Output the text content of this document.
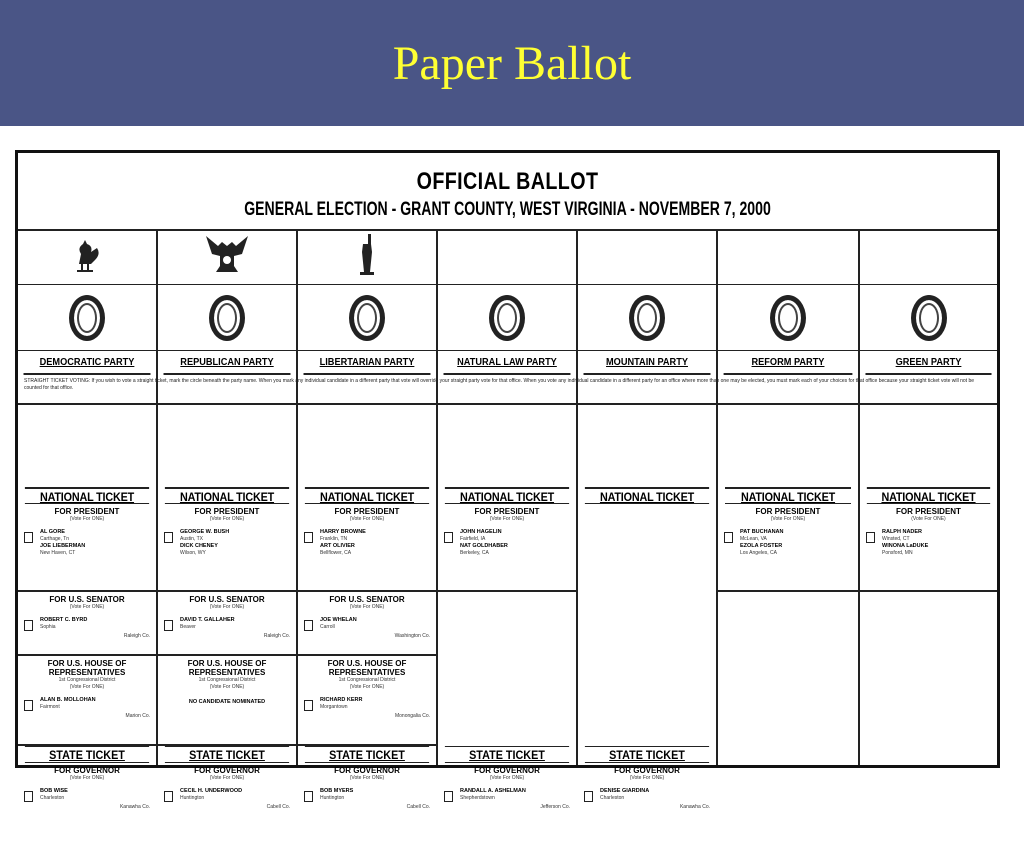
Paper Ballot
OFFICIAL BALLOT
GENERAL ELECTION - GRANT COUNTY, WEST VIRGINIA - NOVEMBER 7, 2000
STRAIGHT TICKET VOTING: If you wish to vote a straight ticket, mark the circle beneath the party name. When you mark any individual candidate in a different party that vote will override your straight party vote for that office. When you vote any individual candidate in a different party for an office where more than one may be elected, you must mark each of your choices for that office because your straight ticket vote will not be counted for that office.
DEMOCRATIC PARTY
NATIONAL TICKET
FOR PRESIDENT
(Vote For ONE)
AL GORE
Carthage, Tn
JOE LIEBERMAN
New Haven, CT
FOR U.S. SENATOR
(Vote For ONE)
ROBERT C. BYRD
Sophia
Raleigh Co.
FOR U.S. HOUSE OF REPRESENTATIVES
1st Congressional District
(Vote For ONE)
ALAN B. MOLLOHAN
Fairmont
Marion Co.
STATE TICKET
FOR GOVERNOR
(Vote For ONE)
BOB WISE
Charleston
Kanawha Co.
REPUBLICAN PARTY
NATIONAL TICKET
FOR PRESIDENT
(Vote For ONE)
GEORGE W. BUSH
Austin, TX
DICK CHENEY
Wilson, WY
FOR U.S. SENATOR
(Vote For ONE)
DAVID T. GALLAHER
Beaver
Raleigh Co.
FOR U.S. HOUSE OF REPRESENTATIVES
1st Congressional District
(Vote For ONE)
NO CANDIDATE NOMINATED
STATE TICKET
FOR GOVERNOR
(Vote For ONE)
CECIL H. UNDERWOOD
Huntington
Cabell Co.
LIBERTARIAN PARTY
NATIONAL TICKET
FOR PRESIDENT
(Vote For ONE)
HARRY BROWNE
Franklin, TN
ART OLIVIER
Bellflower, CA
FOR U.S. SENATOR
(Vote For ONE)
JOE WHELAN
Carroll
Washington Co.
FOR U.S. HOUSE OF REPRESENTATIVES
1st Congressional District
(Vote For ONE)
RICHARD KERR
Morgantown
Monongalia Co.
STATE TICKET
FOR GOVERNOR
(Vote For ONE)
BOB MYERS
Huntington
Cabell Co.
NATURAL LAW PARTY
NATIONAL TICKET
FOR PRESIDENT
(Vote For ONE)
JOHN HAGELIN
Fairfield, IA
NAT GOLDHABER
Berkeley, CA
STATE TICKET
FOR GOVERNOR
(Vote For ONE)
RANDALL A. ASHELMAN
Shepherdstown
Jefferson Co.
MOUNTAIN PARTY
NATIONAL TICKET
STATE TICKET
FOR GOVERNOR
(Vote For ONE)
DENISE GIARDINA
Charleston
Kanawha Co.
REFORM PARTY
NATIONAL TICKET
FOR PRESIDENT
(Vote For ONE)
PAT BUCHANAN
McLean, VA
EZOLA FOSTER
Los Angeles, CA
GREEN PARTY
NATIONAL TICKET
FOR PRESIDENT
(Vote For ONE)
RALPH NADER
Winsted, CT
WINONA LaDUKE
Ponsford, MN
